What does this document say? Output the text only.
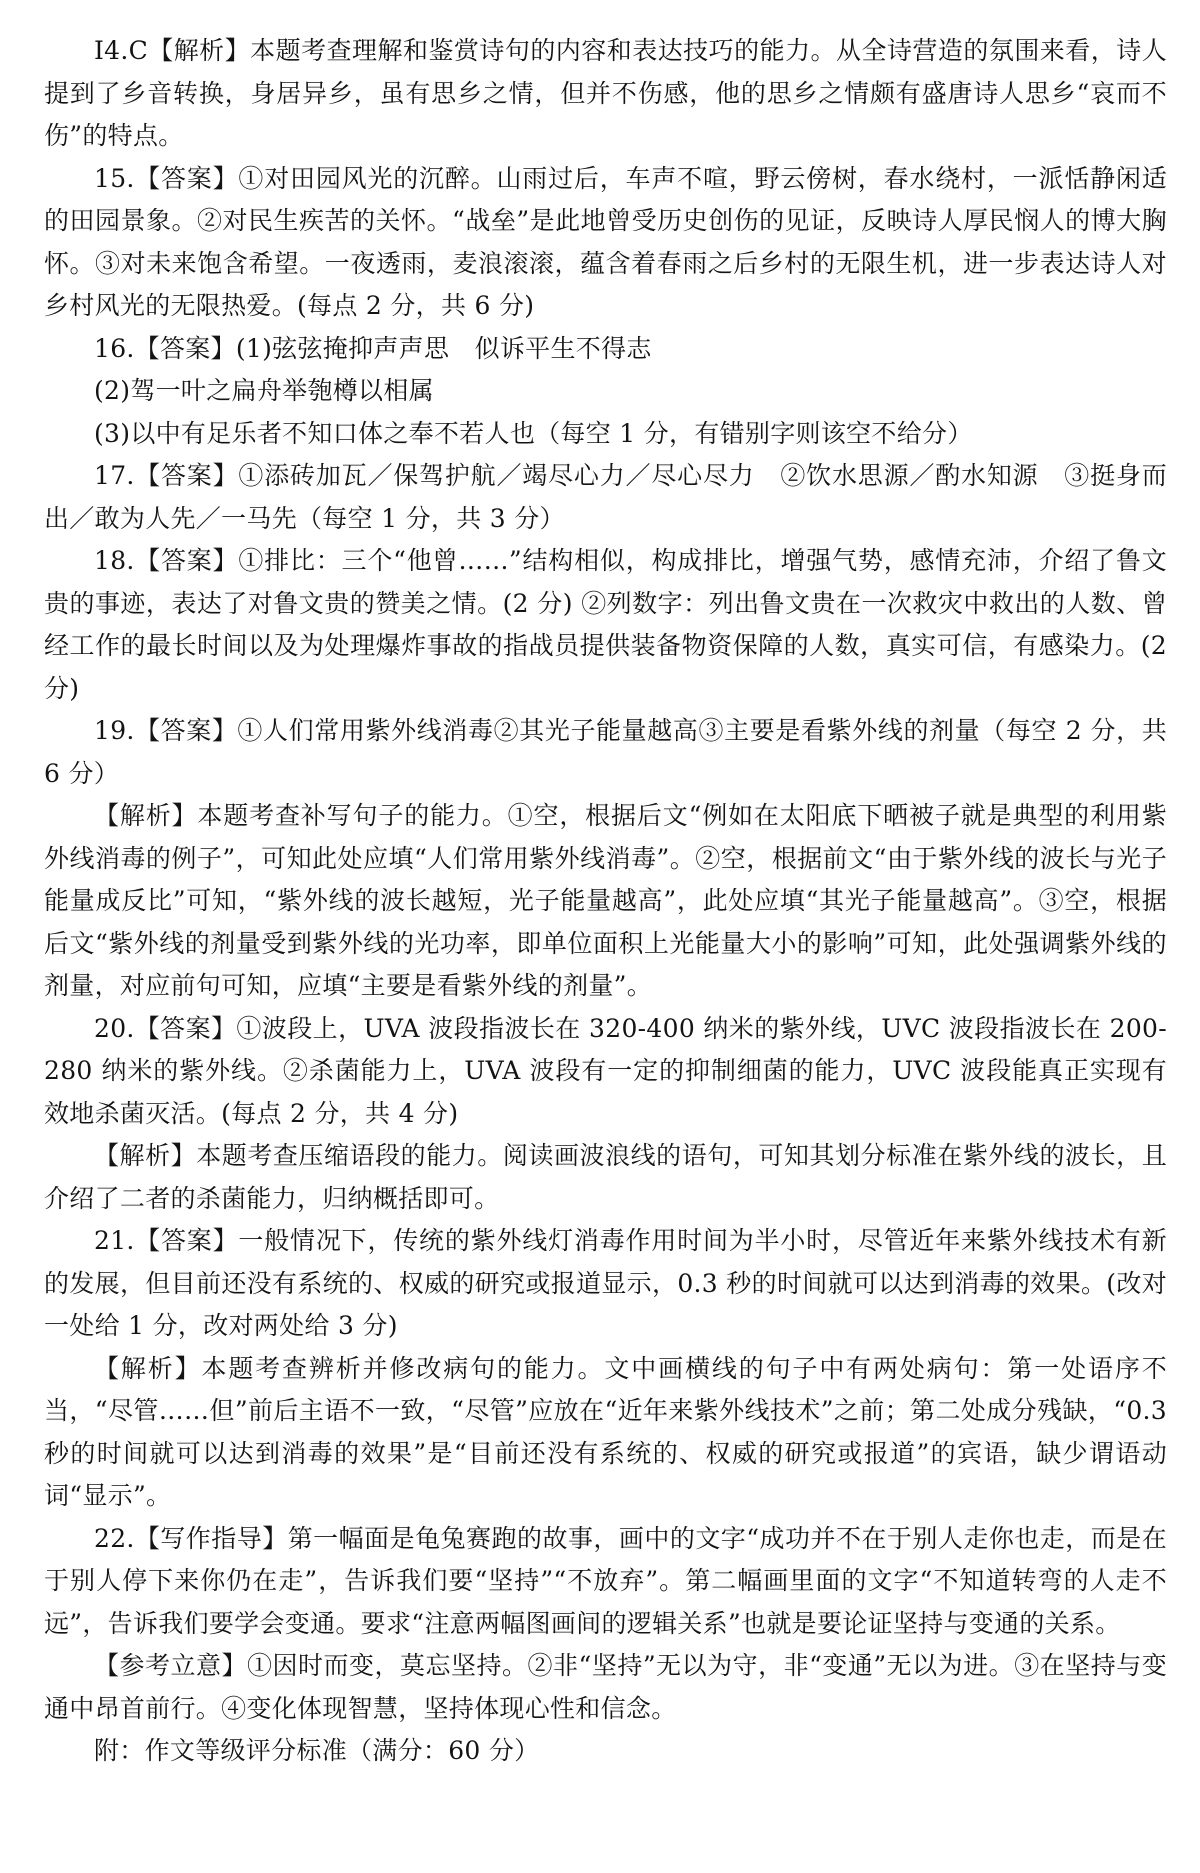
I4.C【解析】本题考查理解和鉴赏诗句的内容和表达技巧的能力。从全诗营造的氛围来看，诗人提到了乡音转换，身居异乡，虽有思乡之情，但并不伤感，他的思乡之情颇有盛唐诗人思乡“哀而不伤”的特点。

15.【答案】①对田园风光的沉醉。山雨过后，车声不喧，野云傍树，春水绕村，一派恬静闲适的田园景象。②对民生疾苦的关怀。“战垒”是此地曾受历史创伤的见证，反映诗人厚民悯人的博大胸怀。③对未来饱含希望。一夜透雨，麦浪滚滚，蕴含着春雨之后乡村的无限生机，进一步表达诗人对乡村风光的无限热爱。(每点 2 分，共 6 分)

16.【答案】(1)弦弦掩抑声声思　似诉平生不得志

(2)驾一叶之扁舟举匏樽以相属

(3)以中有足乐者不知口体之奉不若人也（每空 1 分，有错别字则该空不给分）

17.【答案】①添砖加瓦／保驾护航／竭尽心力／尽心尽力　②饮水思源／酌水知源　③挺身而出／敢为人先／一马先（每空 1 分，共 3 分）

18.【答案】①排比：三个“他曾……”结构相似，构成排比，增强气势，感情充沛，介绍了鲁文贵的事迹，表达了对鲁文贵的赞美之情。(2 分) ②列数字：列出鲁文贵在一次救灾中救出的人数、曾经工作的最长时间以及为处理爆炸事故的指战员提供装备物资保障的人数，真实可信，有感染力。(2 分)

19.【答案】①人们常用紫外线消毒②其光子能量越高③主要是看紫外线的剂量（每空 2 分，共 6 分）

【解析】本题考查补写句子的能力。①空，根据后文“例如在太阳底下晒被子就是典型的利用紫外线消毒的例子”，可知此处应填“人们常用紫外线消毒”。②空，根据前文“由于紫外线的波长与光子能量成反比”可知，“紫外线的波长越短，光子能量越高”，此处应填“其光子能量越高”。③空，根据后文“紫外线的剂量受到紫外线的光功率，即单位面积上光能量大小的影响”可知，此处强调紫外线的剂量，对应前句可知，应填“主要是看紫外线的剂量”。

20.【答案】①波段上，UVA 波段指波长在 320-400 纳米的紫外线，UVC 波段指波长在 200-280 纳米的紫外线。②杀菌能力上，UVA 波段有一定的抑制细菌的能力，UVC 波段能真正实现有效地杀菌灭活。(每点 2 分，共 4 分)

【解析】本题考查压缩语段的能力。阅读画波浪线的语句，可知其划分标准在紫外线的波长，且介绍了二者的杀菌能力，归纳概括即可。

21.【答案】一般情况下，传统的紫外线灯消毒作用时间为半小时，尽管近年来紫外线技术有新的发展，但目前还没有系统的、权威的研究或报道显示，0.3 秒的时间就可以达到消毒的效果。(改对一处给 1 分，改对两处给 3 分)

【解析】本题考查辨析并修改病句的能力。文中画横线的句子中有两处病句：第一处语序不当，“尽管……但”前后主语不一致，“尽管”应放在“近年来紫外线技术”之前；第二处成分残缺，“0.3 秒的时间就可以达到消毒的效果”是“目前还没有系统的、权威的研究或报道”的宾语，缺少谓语动词“显示”。

22.【写作指导】第一幅面是龟兔赛跑的故事，画中的文字“成功并不在于别人走你也走，而是在于别人停下来你仍在走”，告诉我们要“坚持”“不放弃”。第二幅画里面的文字“不知道转弯的人走不远”，告诉我们要学会变通。要求“注意两幅图画间的逻辑关系”也就是要论证坚持与变通的关系。

【参考立意】①因时而变，莫忘坚持。②非“坚持”无以为守，非“变通”无以为进。③在坚持与变通中昂首前行。④变化体现智慧，坚持体现心性和信念。

附：作文等级评分标准（满分：60 分）
